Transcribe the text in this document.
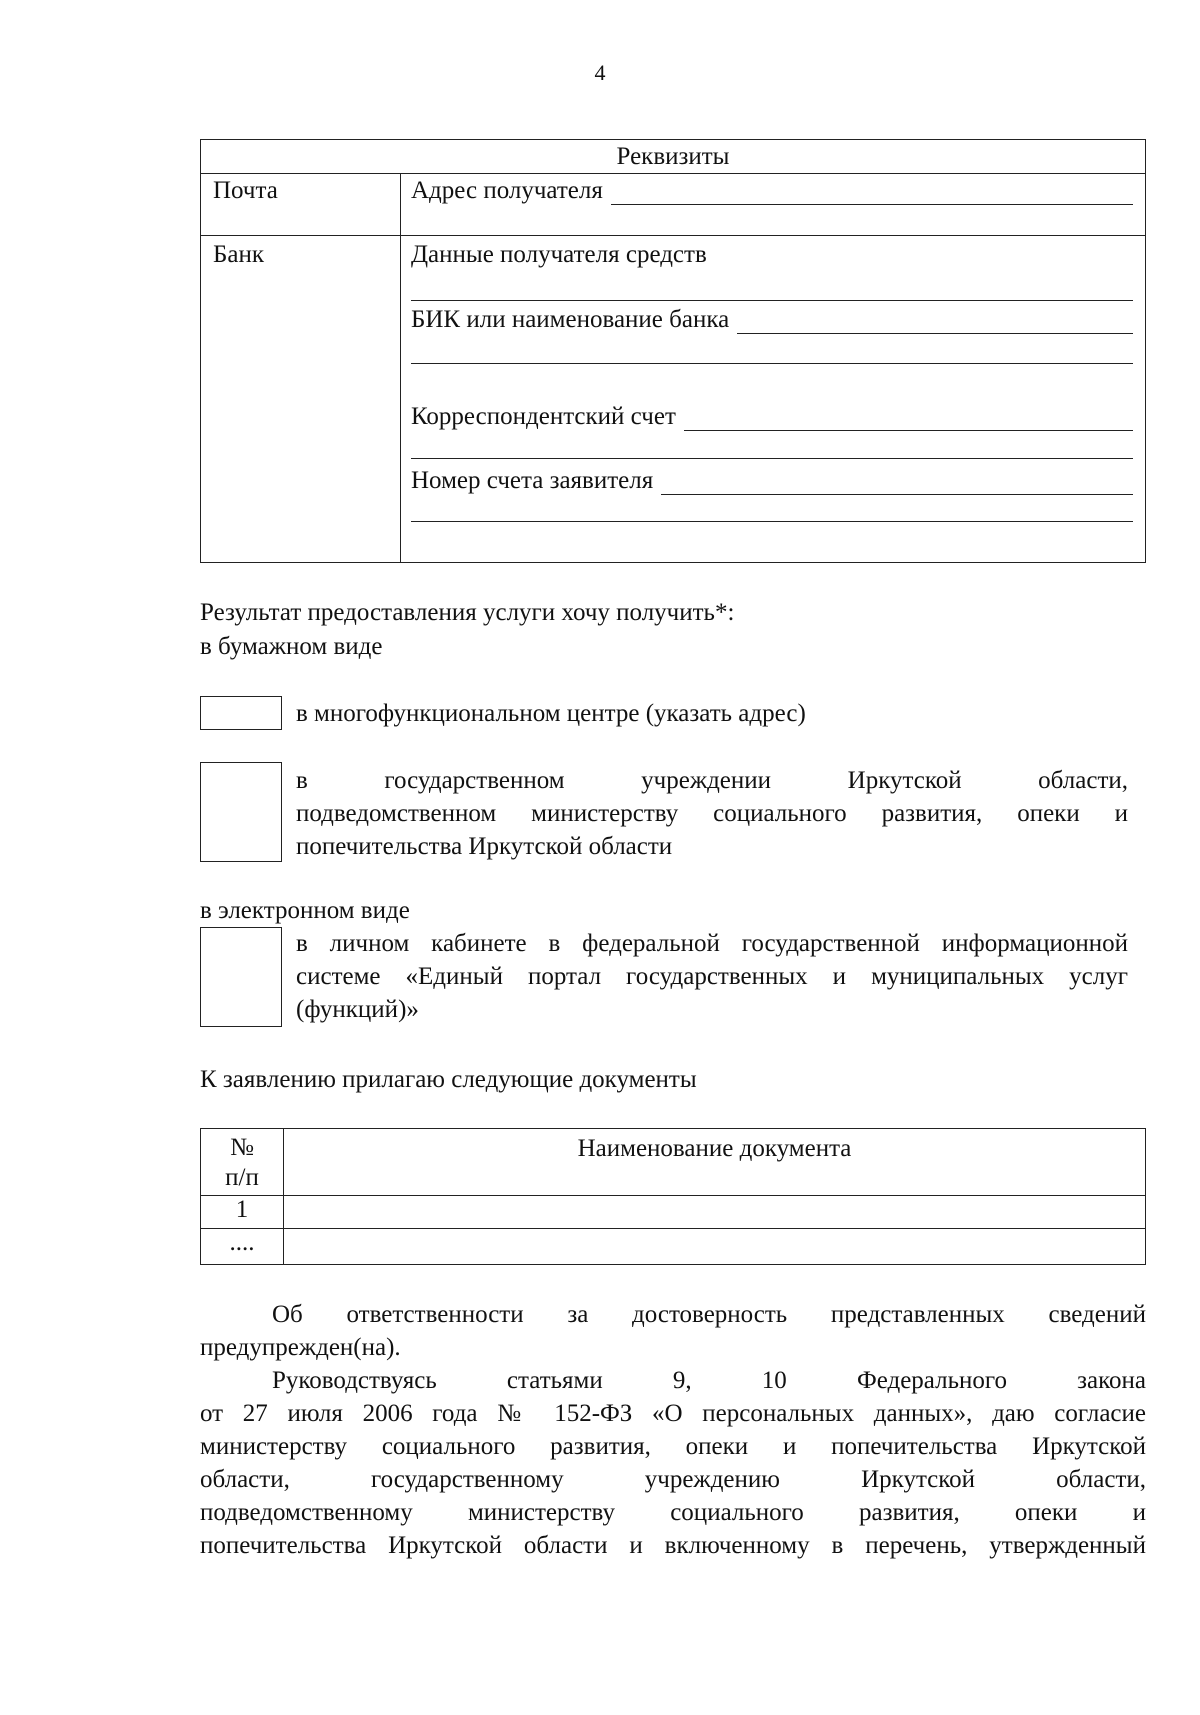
4
Реквизиты
Почта	Адрес получателя
Банк	Данные получателя средств
БИК или наименование банка
Корреспондентский счет
Номер счета заявителя
Результат предоставления услуги хочу получить*:
в бумажном виде
в многофункциональном центре (указать адрес)
в государственном учреждении Иркутской области,
подведомственном министерству социального развития, опеки и
попечительства Иркутской области
в электронном виде
в личном кабинете в федеральной государственной информационной
системе «Единый портал государственных и муниципальных услуг
(функций)»
К заявлению прилагаю следующие документы
№
п/п	Наименование документа

1	
....	
Об ответственности за достоверность представленных сведений
предупрежден(на).
Руководствуясь статьями 9, 10 Федерального закона
от 27 июля 2006 года № 152-ФЗ «О персональных данных», даю согласие
министерству социального развития, опеки и попечительства Иркутской
области, государственному учреждению Иркутской области,
подведомственному министерству социального развития, опеки и
попечительства Иркутской области и включенному в перечень, утвержденный
